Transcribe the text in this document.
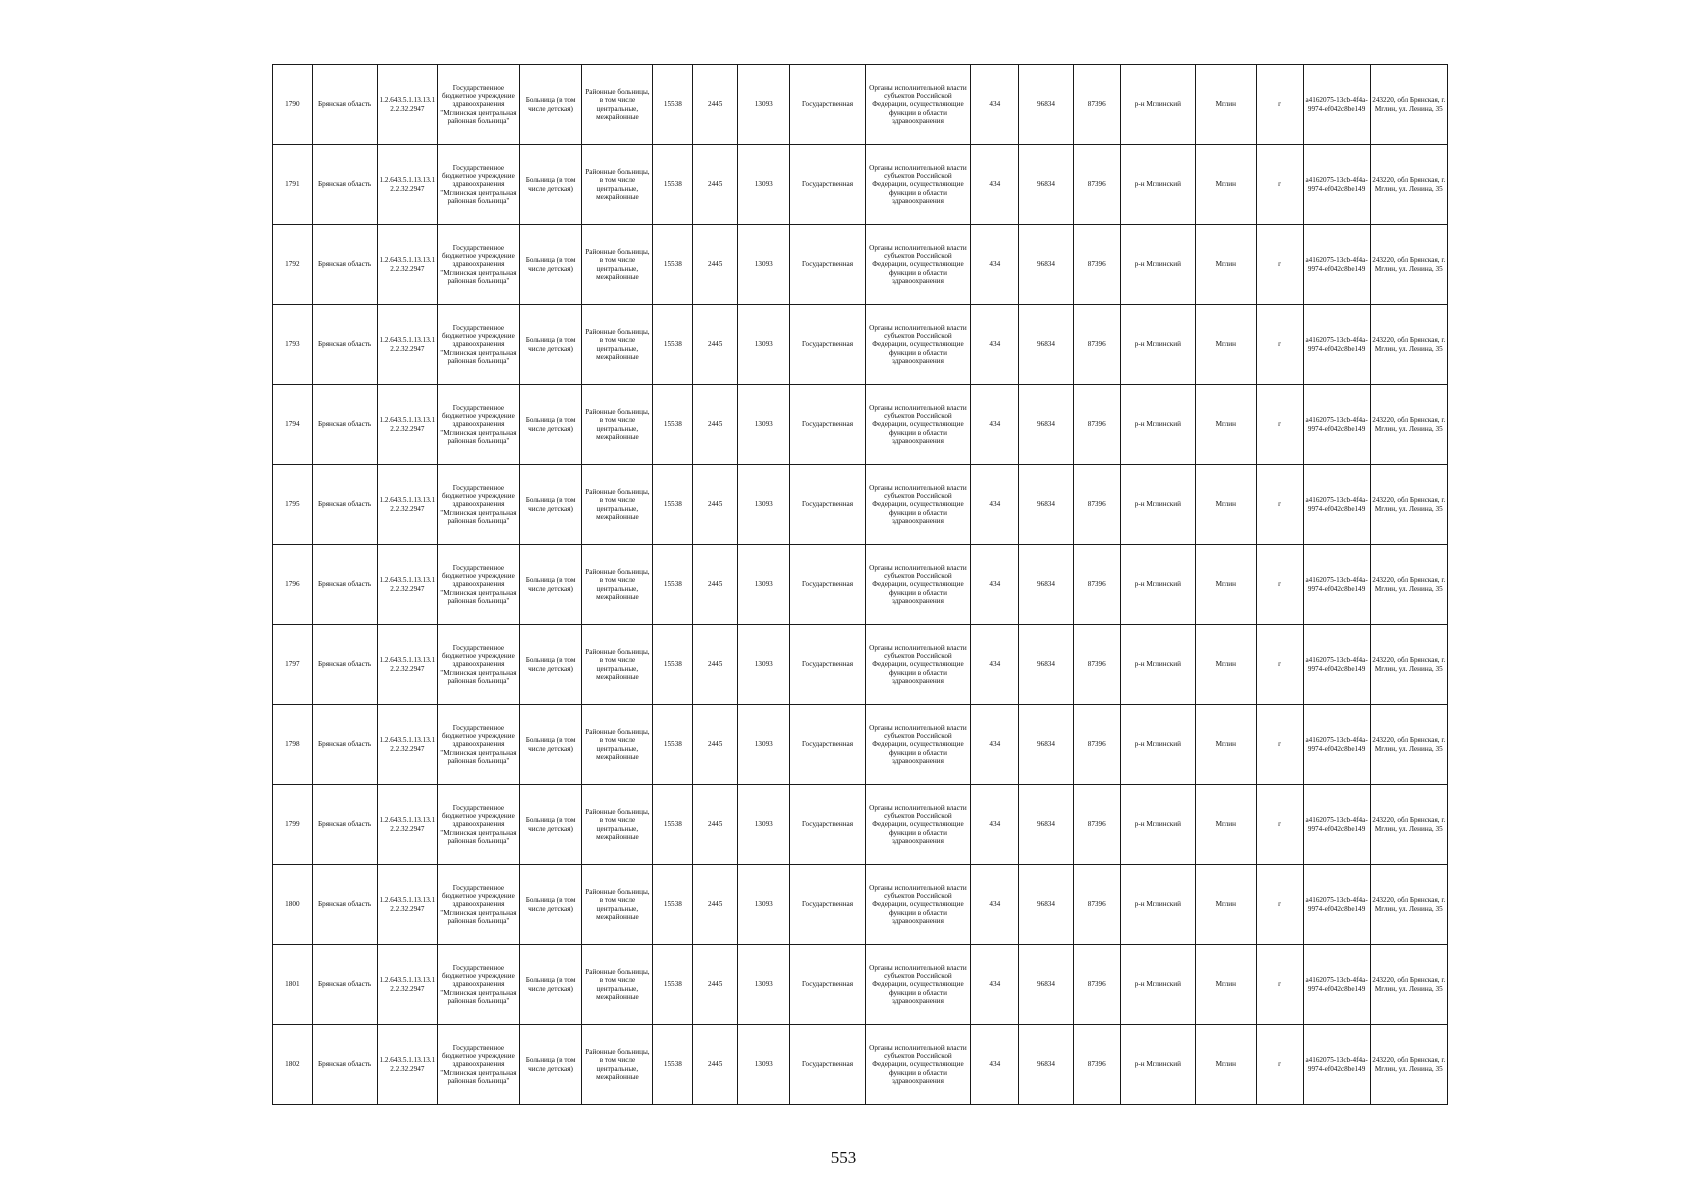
1790	Брянская область	1.2.643.5.1.13.13.12.2.32.2947	Государственное бюджетное учреждение здравоохранения "Мглинская центральная районная больница"	Больница (в том числе детская)	Районные больницы, в том числе центральные, межрайонные	15538	2445	13093	Государственная	Органы исполнительной власти субъектов Российской Федерации, осуществляющие функции в области здравоохранения	434	96834	87396	р-н Мглинский	Мглин	г	a4162075-13cb-4f4a-9974-ef042c8be149	243220, обл Брянская, г. Мглин, ул. Ленина, 35
1791	Брянская область	1.2.643.5.1.13.13.12.2.32.2947	Государственное бюджетное учреждение здравоохранения "Мглинская центральная районная больница"	Больница (в том числе детская)	Районные больницы, в том числе центральные, межрайонные	15538	2445	13093	Государственная	Органы исполнительной власти субъектов Российской Федерации, осуществляющие функции в области здравоохранения	434	96834	87396	р-н Мглинский	Мглин	г	a4162075-13cb-4f4a-9974-ef042c8be149	243220, обл Брянская, г. Мглин, ул. Ленина, 35
1792	Брянская область	1.2.643.5.1.13.13.12.2.32.2947	Государственное бюджетное учреждение здравоохранения "Мглинская центральная районная больница"	Больница (в том числе детская)	Районные больницы, в том числе центральные, межрайонные	15538	2445	13093	Государственная	Органы исполнительной власти субъектов Российской Федерации, осуществляющие функции в области здравоохранения	434	96834	87396	р-н Мглинский	Мглин	г	a4162075-13cb-4f4a-9974-ef042c8be149	243220, обл Брянская, г. Мглин, ул. Ленина, 35
1793	Брянская область	1.2.643.5.1.13.13.12.2.32.2947	Государственное бюджетное учреждение здравоохранения "Мглинская центральная районная больница"	Больница (в том числе детская)	Районные больницы, в том числе центральные, межрайонные	15538	2445	13093	Государственная	Органы исполнительной власти субъектов Российской Федерации, осуществляющие функции в области здравоохранения	434	96834	87396	р-н Мглинский	Мглин	г	a4162075-13cb-4f4a-9974-ef042c8be149	243220, обл Брянская, г. Мглин, ул. Ленина, 35
1794	Брянская область	1.2.643.5.1.13.13.12.2.32.2947	Государственное бюджетное учреждение здравоохранения "Мглинская центральная районная больница"	Больница (в том числе детская)	Районные больницы, в том числе центральные, межрайонные	15538	2445	13093	Государственная	Органы исполнительной власти субъектов Российской Федерации, осуществляющие функции в области здравоохранения	434	96834	87396	р-н Мглинский	Мглин	г	a4162075-13cb-4f4a-9974-ef042c8be149	243220, обл Брянская, г. Мглин, ул. Ленина, 35
1795	Брянская область	1.2.643.5.1.13.13.12.2.32.2947	Государственное бюджетное учреждение здравоохранения "Мглинская центральная районная больница"	Больница (в том числе детская)	Районные больницы, в том числе центральные, межрайонные	15538	2445	13093	Государственная	Органы исполнительной власти субъектов Российской Федерации, осуществляющие функции в области здравоохранения	434	96834	87396	р-н Мглинский	Мглин	г	a4162075-13cb-4f4a-9974-ef042c8be149	243220, обл Брянская, г. Мглин, ул. Ленина, 35
1796	Брянская область	1.2.643.5.1.13.13.12.2.32.2947	Государственное бюджетное учреждение здравоохранения "Мглинская центральная районная больница"	Больница (в том числе детская)	Районные больницы, в том числе центральные, межрайонные	15538	2445	13093	Государственная	Органы исполнительной власти субъектов Российской Федерации, осуществляющие функции в области здравоохранения	434	96834	87396	р-н Мглинский	Мглин	г	a4162075-13cb-4f4a-9974-ef042c8be149	243220, обл Брянская, г. Мглин, ул. Ленина, 35
1797	Брянская область	1.2.643.5.1.13.13.12.2.32.2947	Государственное бюджетное учреждение здравоохранения "Мглинская центральная районная больница"	Больница (в том числе детская)	Районные больницы, в том числе центральные, межрайонные	15538	2445	13093	Государственная	Органы исполнительной власти субъектов Российской Федерации, осуществляющие функции в области здравоохранения	434	96834	87396	р-н Мглинский	Мглин	г	a4162075-13cb-4f4a-9974-ef042c8be149	243220, обл Брянская, г. Мглин, ул. Ленина, 35
1798	Брянская область	1.2.643.5.1.13.13.12.2.32.2947	Государственное бюджетное учреждение здравоохранения "Мглинская центральная районная больница"	Больница (в том числе детская)	Районные больницы, в том числе центральные, межрайонные	15538	2445	13093	Государственная	Органы исполнительной власти субъектов Российской Федерации, осуществляющие функции в области здравоохранения	434	96834	87396	р-н Мглинский	Мглин	г	a4162075-13cb-4f4a-9974-ef042c8be149	243220, обл Брянская, г. Мглин, ул. Ленина, 35
1799	Брянская область	1.2.643.5.1.13.13.12.2.32.2947	Государственное бюджетное учреждение здравоохранения "Мглинская центральная районная больница"	Больница (в том числе детская)	Районные больницы, в том числе центральные, межрайонные	15538	2445	13093	Государственная	Органы исполнительной власти субъектов Российской Федерации, осуществляющие функции в области здравоохранения	434	96834	87396	р-н Мглинский	Мглин	г	a4162075-13cb-4f4a-9974-ef042c8be149	243220, обл Брянская, г. Мглин, ул. Ленина, 35
1800	Брянская область	1.2.643.5.1.13.13.12.2.32.2947	Государственное бюджетное учреждение здравоохранения "Мглинская центральная районная больница"	Больница (в том числе детская)	Районные больницы, в том числе центральные, межрайонные	15538	2445	13093	Государственная	Органы исполнительной власти субъектов Российской Федерации, осуществляющие функции в области здравоохранения	434	96834	87396	р-н Мглинский	Мглин	г	a4162075-13cb-4f4a-9974-ef042c8be149	243220, обл Брянская, г. Мглин, ул. Ленина, 35
1801	Брянская область	1.2.643.5.1.13.13.12.2.32.2947	Государственное бюджетное учреждение здравоохранения "Мглинская центральная районная больница"	Больница (в том числе детская)	Районные больницы, в том числе центральные, межрайонные	15538	2445	13093	Государственная	Органы исполнительной власти субъектов Российской Федерации, осуществляющие функции в области здравоохранения	434	96834	87396	р-н Мглинский	Мглин	г	a4162075-13cb-4f4a-9974-ef042c8be149	243220, обл Брянская, г. Мглин, ул. Ленина, 35
1802	Брянская область	1.2.643.5.1.13.13.12.2.32.2947	Государственное бюджетное учреждение здравоохранения "Мглинская центральная районная больница"	Больница (в том числе детская)	Районные больницы, в том числе центральные, межрайонные	15538	2445	13093	Государственная	Органы исполнительной власти субъектов Российской Федерации, осуществляющие функции в области здравоохранения	434	96834	87396	р-н Мглинский	Мглин	г	a4162075-13cb-4f4a-9974-ef042c8be149	243220, обл Брянская, г. Мглин, ул. Ленина, 35
553
